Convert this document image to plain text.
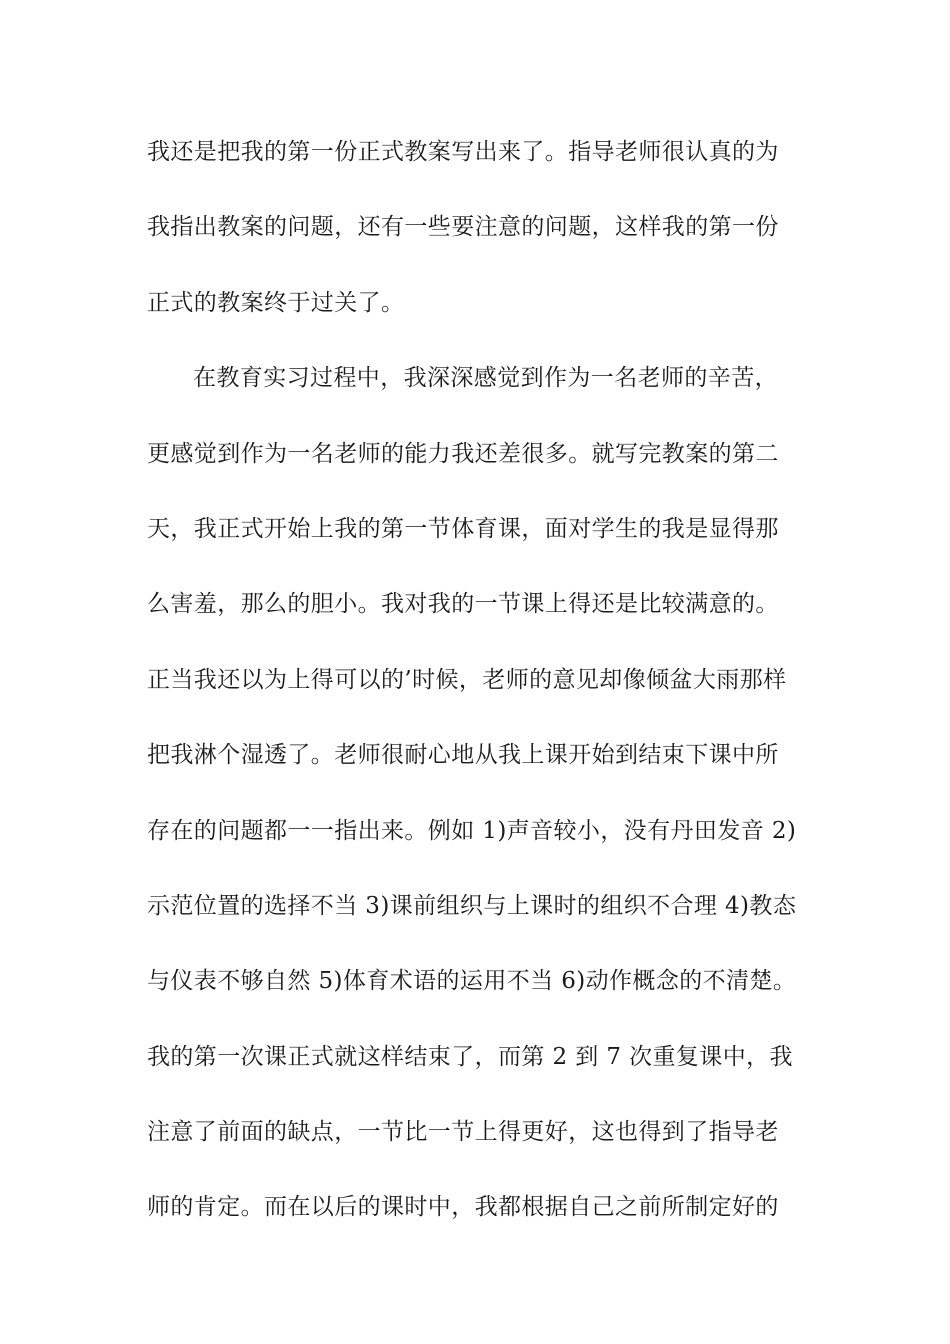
我还是把我的第一份正式教案写出来了。指导老师很认真的为
我指出教案的问题，还有一些要注意的问题，这样我的第一份
正式的教案终于过关了。
在教育实习过程中，我深深感觉到作为一名老师的辛苦，
更感觉到作为一名老师的能力我还差很多。就写完教案的第二
天，我正式开始上我的第一节体育课，面对学生的我是显得那
么害羞，那么的胆小。我对我的一节课上得还是比较满意的。
正当我还以为上得可以的’时候，老师的意见却像倾盆大雨那样
把我淋个湿透了。老师很耐心地从我上课开始到结束下课中所
存在的问题都一一指出来。例如 1)声音较小，没有丹田发音 2)
示范位置的选择不当 3)课前组织与上课时的组织不合理 4)教态
与仪表不够自然 5)体育术语的运用不当 6)动作概念的不清楚。
我的第一次课正式就这样结束了，而第 2 到 7 次重复课中，我
注意了前面的缺点，一节比一节上得更好，这也得到了指导老
师的肯定。而在以后的课时中，我都根据自己之前所制定好的
